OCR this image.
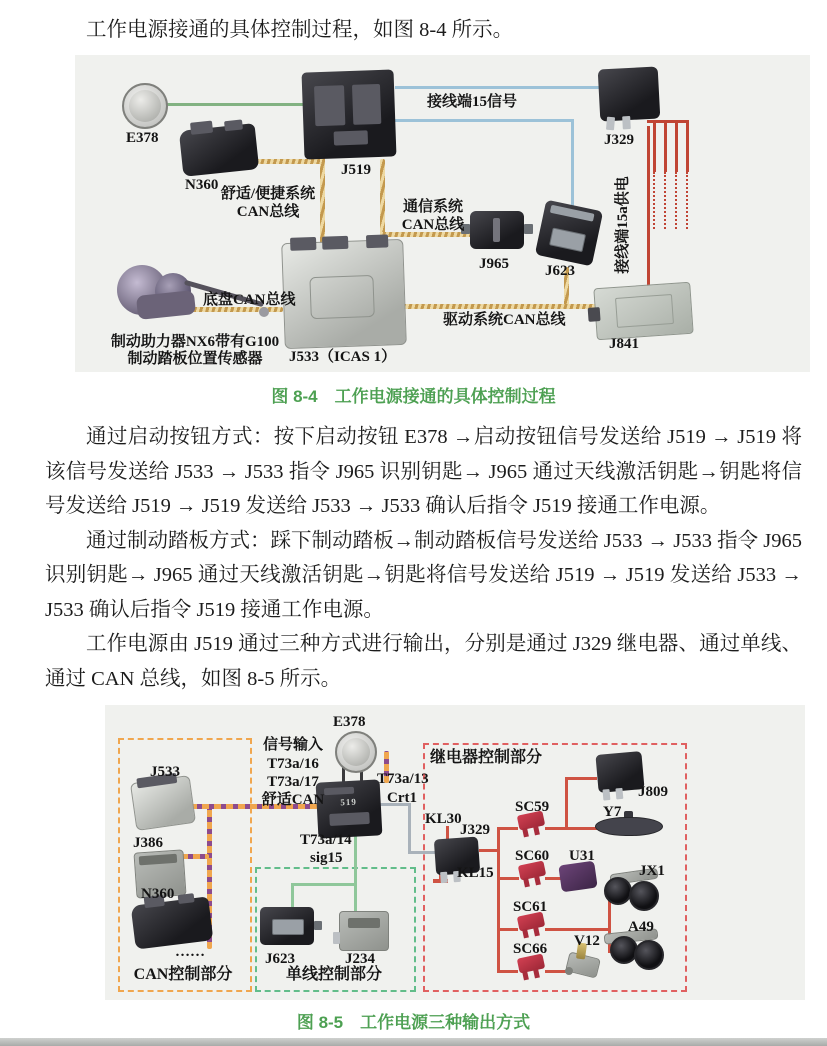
工作电源接通的具体控制过程，如图 8-4 所示。

E378
N360
J519
J329
J965 J623
J533（ICAS 1）
J841
接线端15信号
舒适/便捷系统
CAN总线	通信系统
CAN总线
底盘CAN总线
驱动系统CAN总线
接线端15a供电
制动助力器NX6带有G100
制动踏板位置传感器
图 8-4　工作电源接通的具体控制过程

通过启动按钮方式：按下启动按钮 E378 →启动按钮信号发送给 J519 → J519 将该信号发送给 J533 → J533 指令 J965 识别钥匙→ J965 通过天线激活钥匙→钥匙将信号发送给 J519 → J519 发送给 J533 → J533 确认后指令 J519 接通工作电源。

通过制动踏板方式：踩下制动踏板→制动踏板信号发送给 J533 → J533 指令 J965 识别钥匙→ J965 通过天线激活钥匙→钥匙将信号发送给 J519 → J519 发送给 J533 → J533 确认后指令 J519 接通工作电源。

工作电源由 J519 通过三种方式进行输出，分别是通过 J329 继电器、通过单线、通过 CAN 总线，如图 8-5 所示。

519
J533
J386
N360
……
CAN控制部分	单线控制部分
继电器控制部分
信号输入
T73a/16
T73a/17
舒适CAN
E378
T73a/13
Crt1
T73a/14
sig15
KL30
J329
KL15
SC59
SC60
SC61
SC66
J809
Y7
U31
JX1
A49
V12
J623	J234
图 8-5　工作电源三种输出方式
